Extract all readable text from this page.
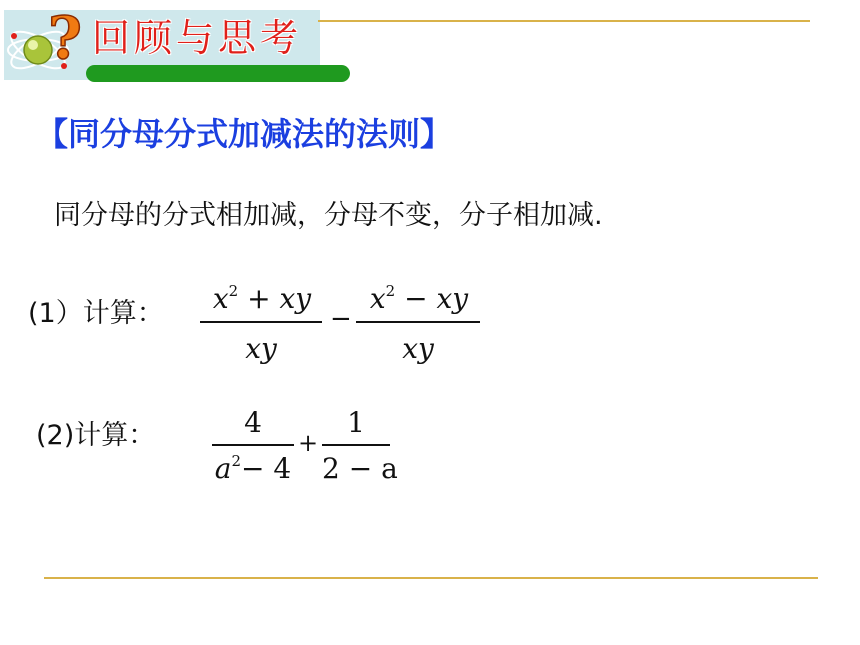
? 回顾与思考
【同分母分式加减法的法则】
同分母的分式相加减，分母不变，分子相加减.
(1）计算：	$x^2$ + xy
xy
−
$x^2$ − xy
xy
(2)计算：	4
$a^2- 4$
+
1
2 − a
